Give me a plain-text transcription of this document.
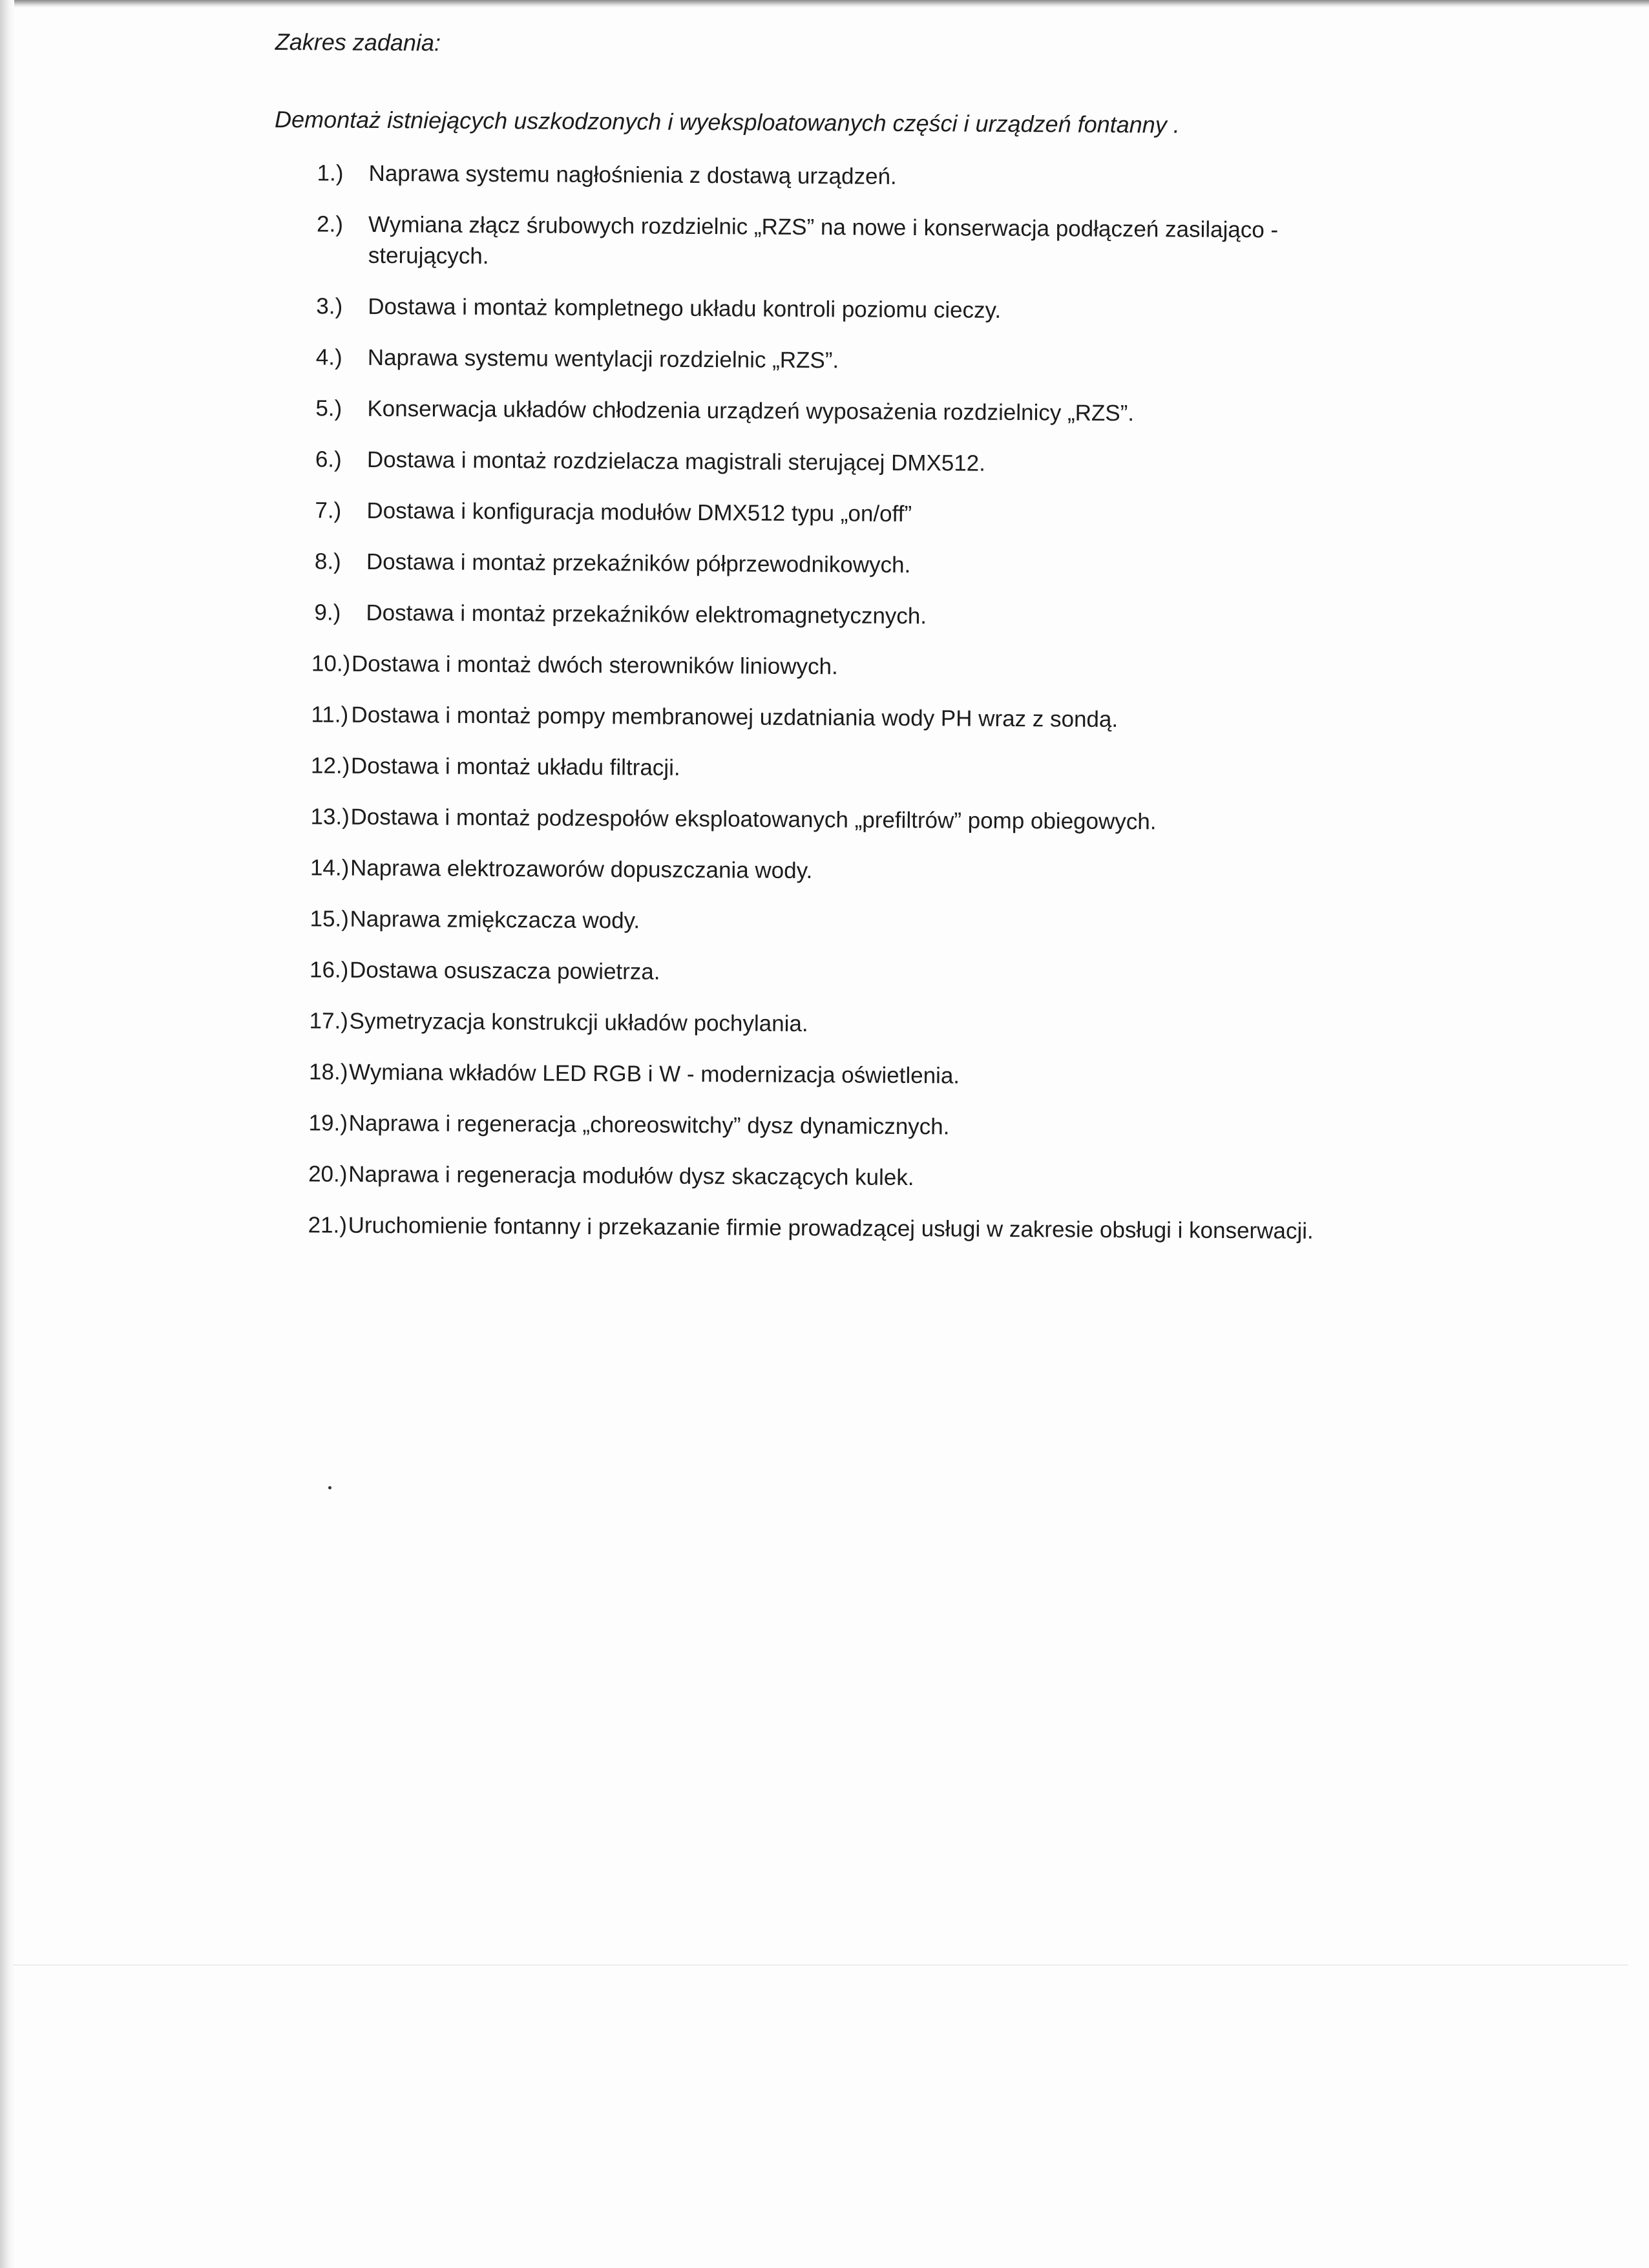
Zakres zadania:

Demontaż istniejących uszkodzonych i wyeksploatowanych części i urządzeń fontanny .

1.)	Naprawa systemu nagłośnienia z dostawą urządzeń.
2.)	Wymiana złącz śrubowych rozdzielnic „RZS” na nowe i konserwacja podłączeń zasilająco - sterujących.
3.)	Dostawa i montaż kompletnego układu kontroli poziomu cieczy.
4.)	Naprawa systemu wentylacji rozdzielnic „RZS”.
5.)	Konserwacja układów chłodzenia urządzeń wyposażenia rozdzielnicy „RZS”.
6.)	Dostawa i montaż rozdzielacza magistrali sterującej DMX512.
7.)	Dostawa i konfiguracja modułów DMX512 typu „on/off”
8.)	Dostawa i montaż przekaźników półprzewodnikowych.
9.)	Dostawa i montaż przekaźników elektromagnetycznych.
10.) Dostawa i montaż dwóch sterowników liniowych.
11.) Dostawa i montaż pompy membranowej uzdatniania wody PH wraz z sondą.
12.) Dostawa i montaż układu filtracji.
13.) Dostawa i montaż podzespołów eksploatowanych „prefiltrów” pomp obiegowych.
14.) Naprawa elektrozaworów dopuszczania wody.
15.) Naprawa zmiękczacza wody.
16.) Dostawa osuszacza powietrza.
17.) Symetryzacja konstrukcji układów pochylania.
18.) Wymiana wkładów LED RGB i W - modernizacja oświetlenia.
19.) Naprawa i regeneracja „choreoswitchy” dysz dynamicznych.
20.) Naprawa i regeneracja modułów dysz skaczących kulek.
21.) Uruchomienie fontanny i przekazanie firmie prowadzącej usługi w zakresie obsługi i konserwacji.
